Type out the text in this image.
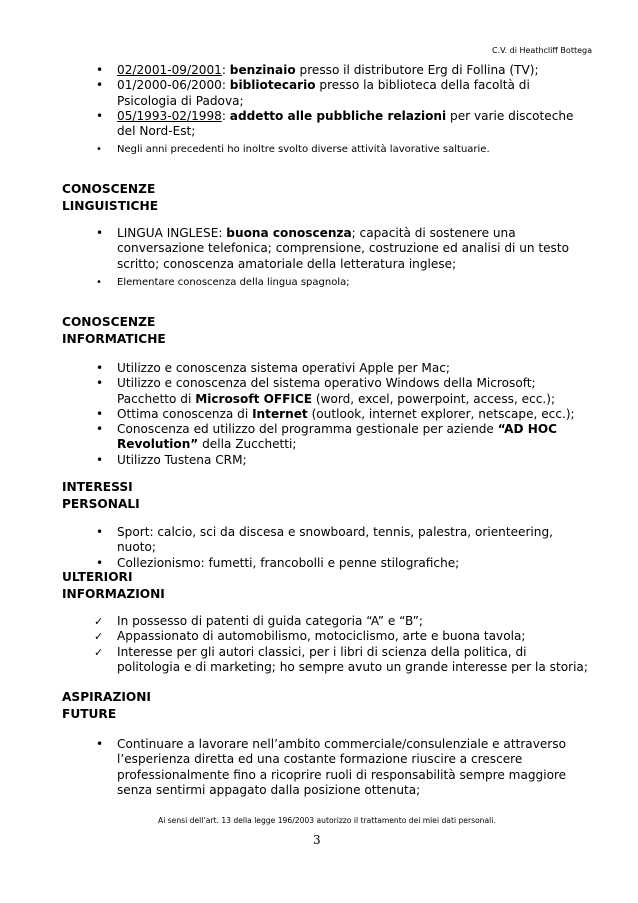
C.V. di Heathcliff Bottega
• 02/2001-09/2001: benzinaio presso il distributore Erg di Follina (TV);
• 01/2000-06/2000: bibliotecario presso la biblioteca della facoltà di Psicologia di Padova;
• 05/1993-02/1998: addetto alle pubbliche relazioni per varie discoteche del Nord-Est;
• Negli anni precedenti ho inoltre svolto diverse attività lavorative saltuarie.
CONOSCENZE
LINGUISTICHE
• LINGUA INGLESE: buona conoscenza; capacità di sostenere una conversazione telefonica; comprensione, costruzione ed analisi di un testo scritto; conoscenza amatoriale della letteratura inglese;
• Elementare conoscenza della lingua spagnola;
CONOSCENZE
INFORMATICHE
• Utilizzo e conoscenza sistema operativi Apple per Mac;
• Utilizzo e conoscenza del sistema operativo Windows della Microsoft; Pacchetto di Microsoft OFFICE (word, excel, powerpoint, access, ecc.);
• Ottima conoscenza di Internet (outlook, internet explorer, netscape, ecc.);
• Conoscenza ed utilizzo del programma gestionale per aziende “AD HOC Revolution” della Zucchetti;
• Utilizzo Tustena CRM;
INTERESSI
PERSONALI
• Sport: calcio, sci da discesa e snowboard, tennis, palestra, orienteering, nuoto;
• Collezionismo: fumetti, francobolli e penne stilografiche;
ULTERIORI
INFORMAZIONI
✓ In possesso di patenti di guida categoria “A” e “B”;
✓ Appassionato di automobilismo, motociclismo, arte e buona tavola;
✓ Interesse per gli autori classici, per i libri di scienza della politica, di politologia e di marketing; ho sempre avuto un grande interesse per la storia;
ASPIRAZIONI
FUTURE
• Continuare a lavorare nell’ambito commerciale/consulenziale e attraverso l’esperienza diretta ed una costante formazione riuscire a crescere professionalmente fino a ricoprire ruoli di responsabilità sempre maggiore senza sentirmi appagato dalla posizione ottenuta;
Ai sensi dell’art. 13 della legge 196/2003 autorizzo il trattamento dei miei dati personali.
3
